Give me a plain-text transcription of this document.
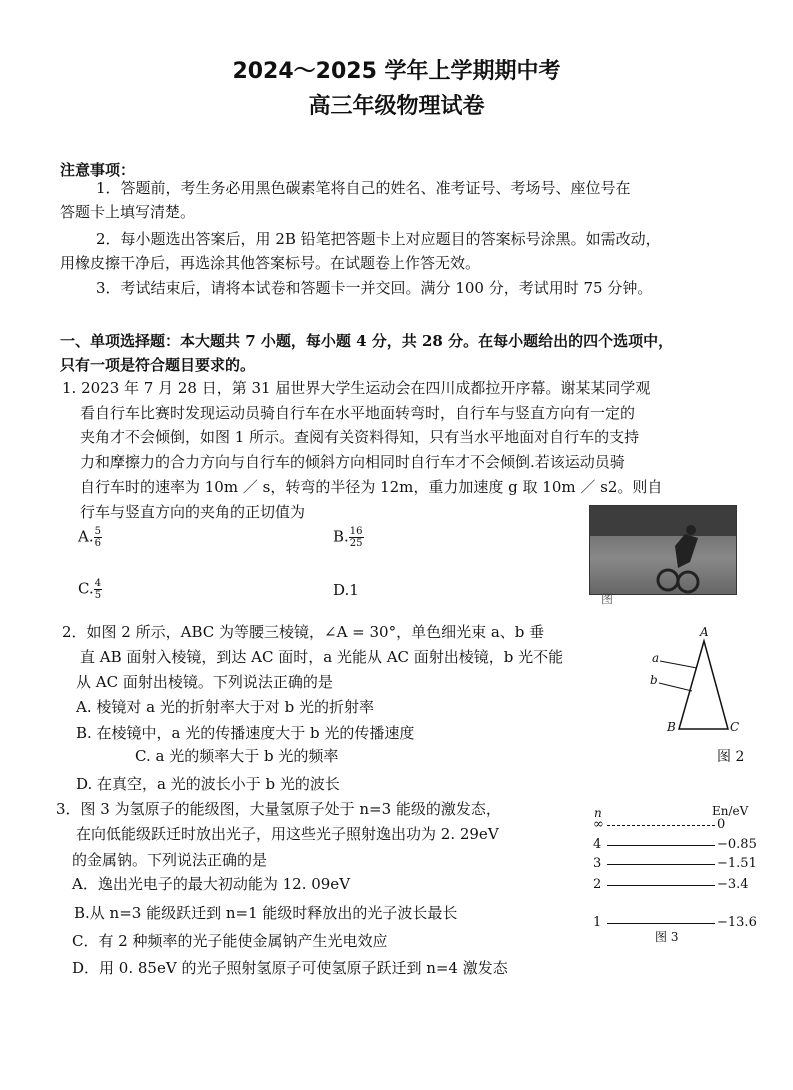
2024～2025 学年上学期期中考
高三年级物理试卷
注意事项：
1．答题前，考生务必用黑色碳素笔将自己的姓名、准考证号、考场号、座位号在
答题卡上填写清楚。
2．每小题选出答案后，用 2B 铅笔把答题卡上对应题目的答案标号涂黑。如需改动，
用橡皮擦干净后，再选涂其他答案标号。在试题卷上作答无效。
3．考试结束后，请将本试卷和答题卡一并交回。满分 100 分，考试用时 75 分钟。
一、单项选择题：本大题共 7 小题，每小题 4 分，共 28 分。在每小题给出的四个选项中，
只有一项是符合题目要求的。
1. 2023 年 7 月 28 日，第 31 届世界大学生运动会在四川成都拉开序幕。谢某某同学观
看自行车比赛时发现运动员骑自行车在水平地面转弯时，自行车与竖直方向有一定的
夹角才不会倾倒，如图 1 所示。查阅有关资料得知，只有当水平地面对自行车的支持
力和摩擦力的合力方向与自行车的倾斜方向相同时自行车才不会倾倒.若该运动员骑
自行车时的速率为 10m ／ s，转弯的半径为 12m，重力加速度 g 取 10m ／ s2。则自
行车与竖直方向的夹角的正切值为
A. $\frac{5}{6}$	B. $\frac{16}{25}$
C. $\frac{4}{5}$	D.1	图
2．如图 2 所示，ABC 为等腰三棱镜，∠A = 30°，单色细光束 a、b 垂
直 AB 面射入棱镜，到达 AC 面时，a 光能从 AC 面射出棱镜，b 光不能
从 AC 面射出棱镜。下列说法正确的是
A. 棱镜对 a 光的折射率大于对 b 光的折射率
B. 在棱镜中，a 光的传播速度大于 b 光的传播速度
C. a 光的频率大于 b 光的频率
D. 在真空，a 光的波长小于 b 光的波长
A
B	C
a
b
图 2
3．图 3 为氢原子的能级图，大量氢原子处于 n=3 能级的激发态，
在向低能级跃迁时放出光子，用这些光子照射逸出功为 2. 29eV
的金属钠。下列说法正确的是
A．逸出光电子的最大初动能为 12. 09eV
B.从 n=3 能级跃迁到 n=1 能级时释放出的光子波长最长
C．有 2 种频率的光子能使金属钠产生光电效应
D．用 0. 85eV 的光子照射氢原子可使氢原子跃迁到 n=4 激发态
n	En/eV
∞	0
4	−0.85
3	−1.51
2	−3.4
1	−13.6
图 3
